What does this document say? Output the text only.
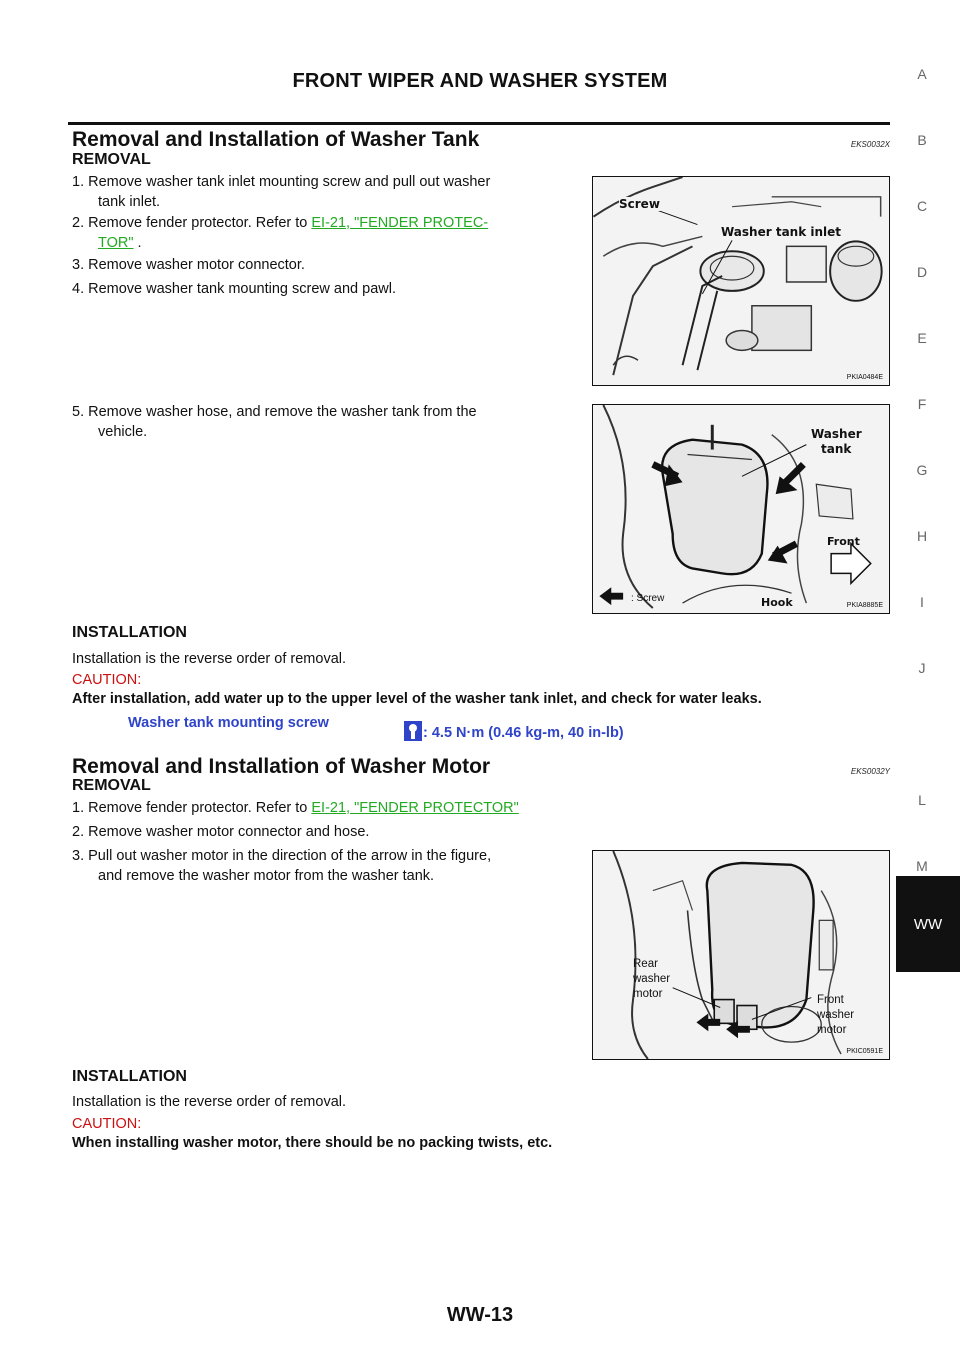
FRONT WIPER AND WASHER SYSTEM
Removal and Installation of Washer Tank	EKS0032X
REMOVAL
1. Remove washer tank inlet mounting screw and pull out washer
tank inlet.
2. Remove fender protector. Refer to EI-21, "FENDER PROTEC-
TOR" .
3. Remove washer motor connector.
4. Remove washer tank mounting screw and pawl.
5. Remove washer hose, and remove the washer tank from the
vehicle.
Screw
Washer tank inlet
PKIA0484E
Washer
tank
Front
Hook
: Screw
PKIA8885E
INSTALLATION
Installation is the reverse order of removal.
CAUTION:
After installation, add water up to the upper level of the washer tank inlet, and check for water leaks.
Washer tank mounting screw
: 4.5 N·m (0.46 kg-m, 40 in-lb)
Removal and Installation of Washer Motor	EKS0032Y
REMOVAL
1. Remove fender protector. Refer to EI-21, "FENDER PROTECTOR"
2. Remove washer motor connector and hose.
3. Pull out washer motor in the direction of the arrow in the figure,
and remove the washer motor from the washer tank.
Rear
washer
motor	Front
washer
motor
PKIC0591E
INSTALLATION
Installation is the reverse order of removal.
CAUTION:
When installing washer motor, there should be no packing twists, etc.
A
B
C
D
E
F
G
H
I
J
WW
L
M
WW-13
